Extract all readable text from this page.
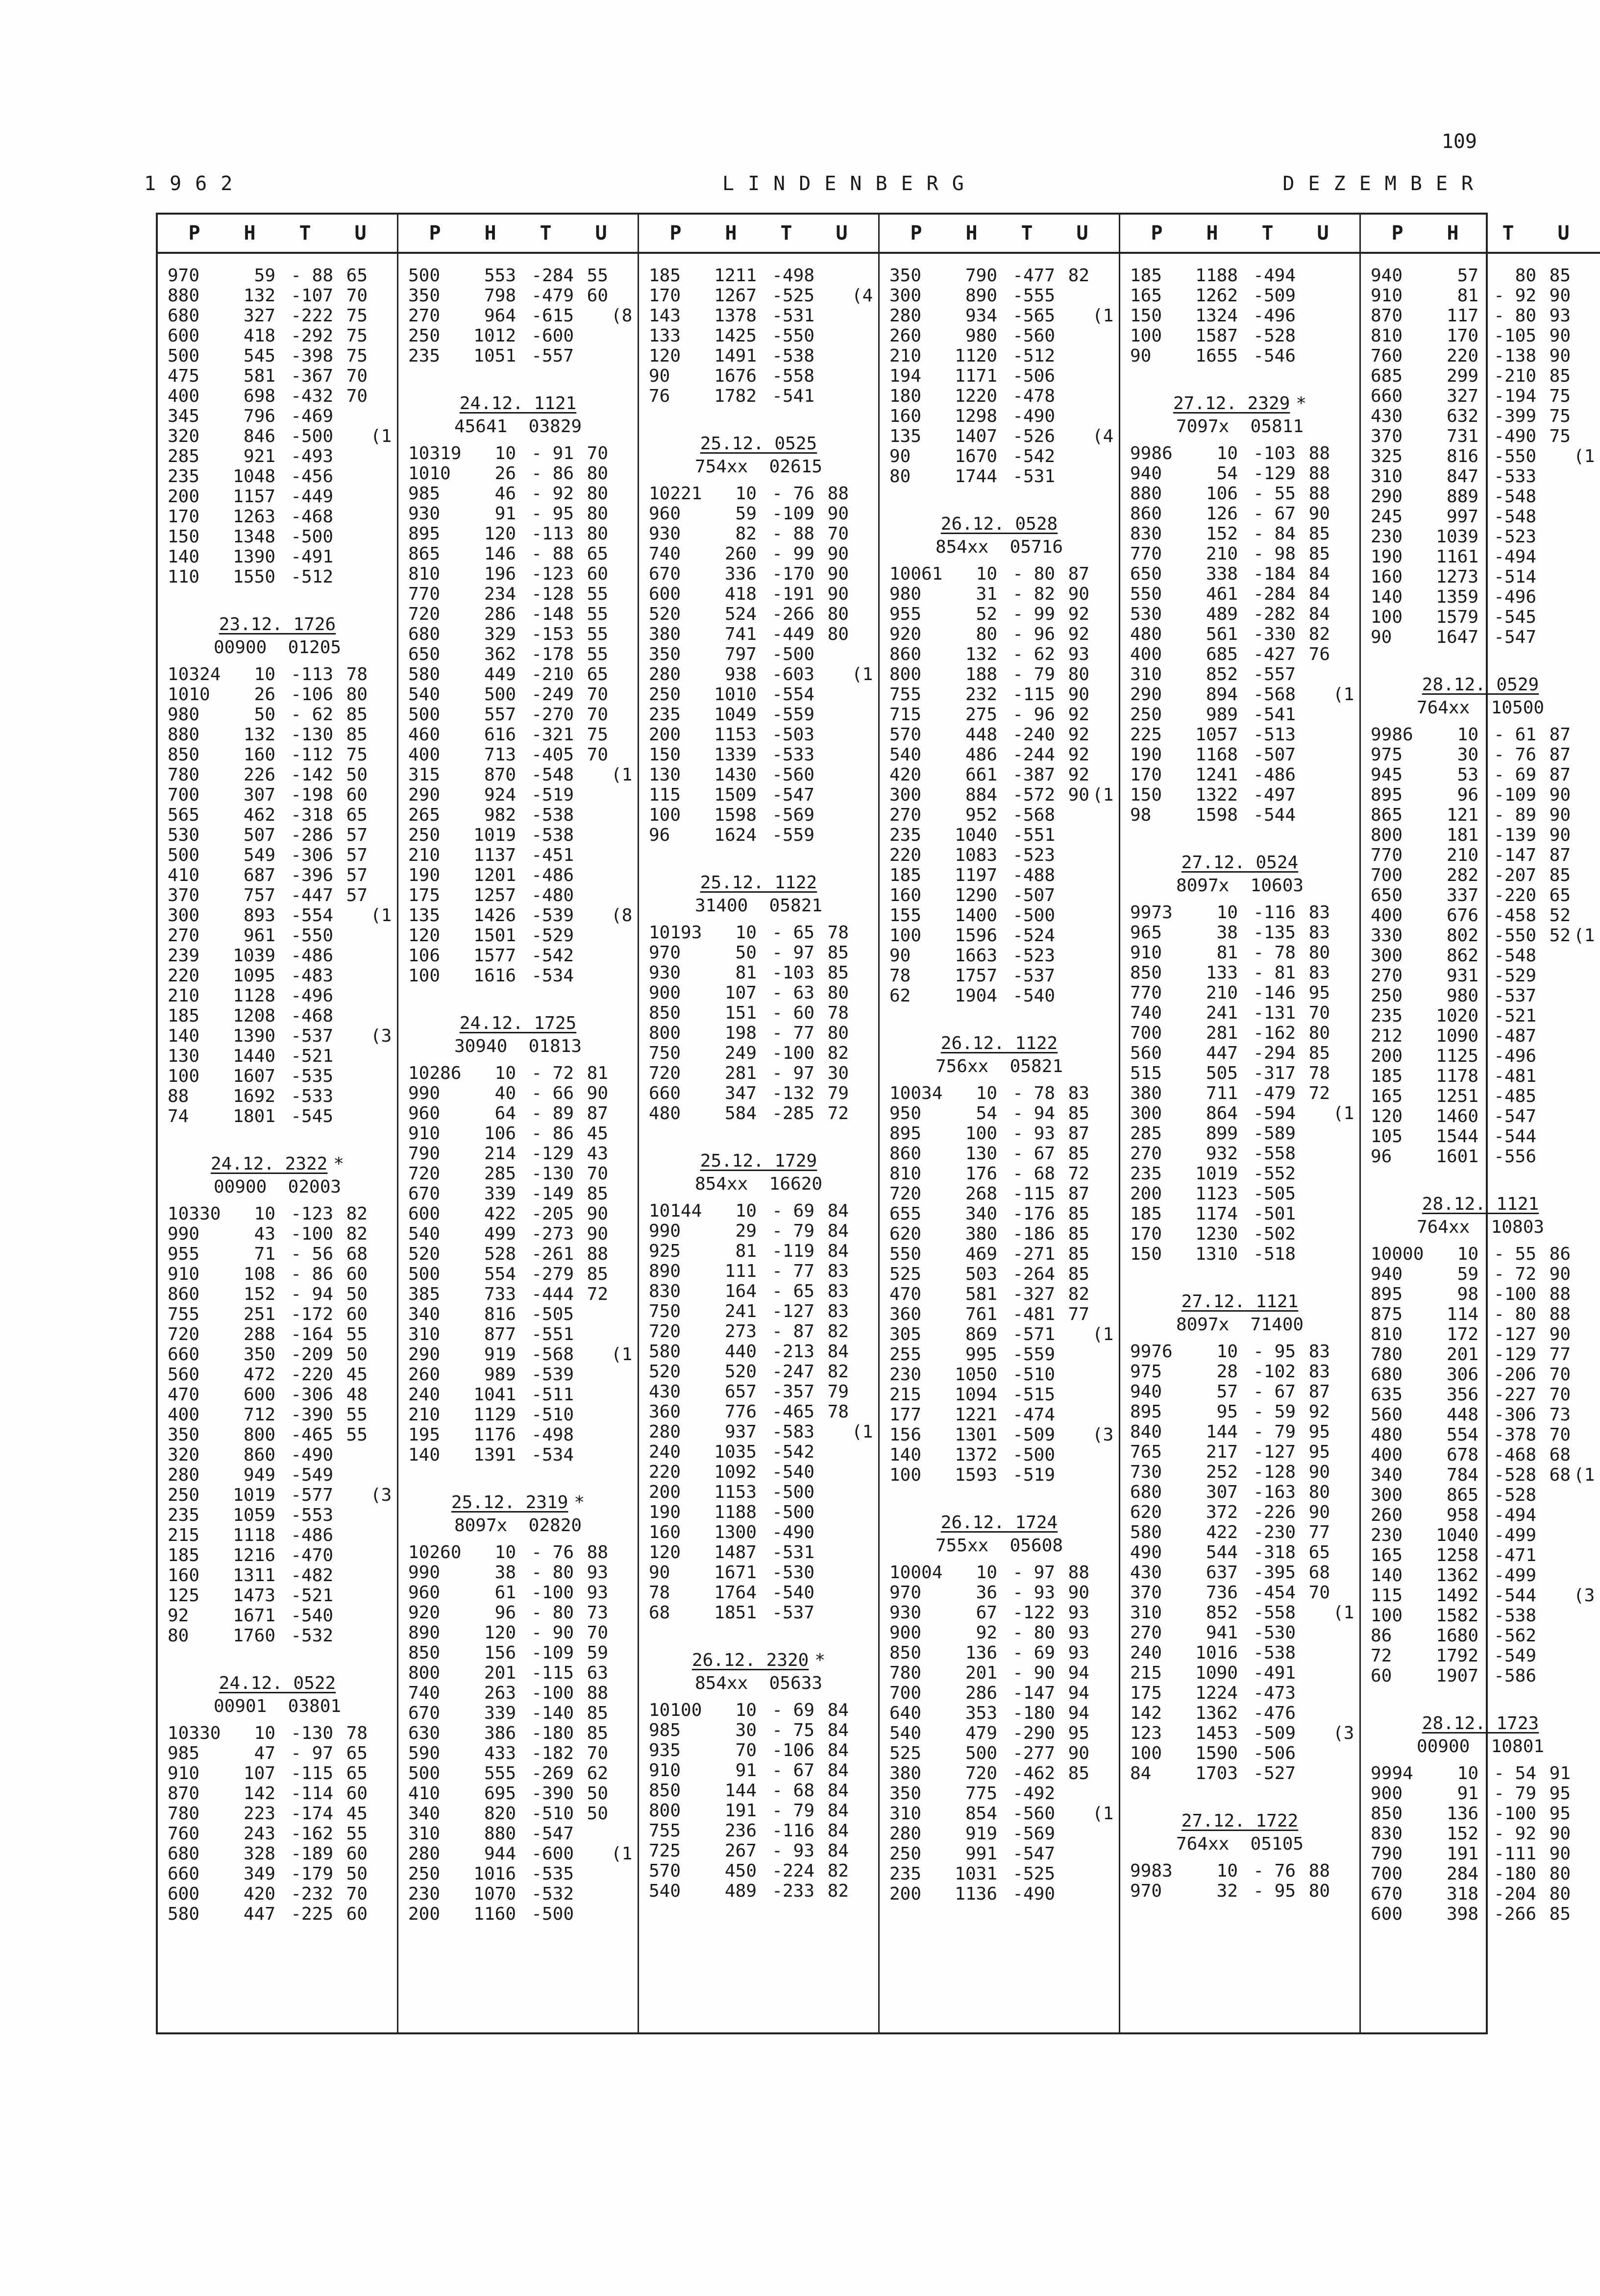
109
1962	LINDENBERG	DEZEMBER
P H T U
970	59 - 88 65
880	132 -107 70
680	327 -222 75
600	418 -292 75
500	545 -398 75
475	581 -367 70
400	698 -432 70
345	796 -469
320	846 -500 (1
285	921 -493
235	1048 -456
200	1157 -449
170	1263 -468
150	1348 -500
140	1390 -491
110	1550 -512
23.12. 1726
00900  01205
10324	10 -113 78
1010	26 -106 80
980	50 - 62 85
880	132 -130 85
850	160 -112 75
780	226 -142 50
700	307 -198 60
565	462 -318 65
530	507 -286 57
500	549 -306 57
410	687 -396 57
370	757 -447 57
300	893 -554 (1
270	961 -550
239	1039 -486
220	1095 -483
210	1128 -496
185	1208 -468
140	1390 -537 (3
130	1440 -521
100	1607 -535
88	1692 -533
74	1801 -545
24.12. 2322 *
00900  02003
10330	10 -123 82
990	43 -100 82
955	71 - 56 68
910	108 - 86 60
860	152 - 94 50
755	251 -172 60
720	288 -164 55
660	350 -209 50
560	472 -220 45
470	600 -306 48
400	712 -390 55
350	800 -465 55
320	860 -490
280	949 -549
250	1019 -577 (3
235	1059 -553
215	1118 -486
185	1216 -470
160	1311 -482
125	1473 -521
92	1671 -540
80	1760 -532
24.12. 0522
00901  03801
10330	10 -130 78
985	47 - 97 65
910	107 -115 65
870	142 -114 60
780	223 -174 45
760	243 -162 55
680	328 -189 60
660	349 -179 50
600	420 -232 70
580	447 -225 60
P H T U
500	553 -284 55
350	798 -479 60
270	964 -615 (8
250	1012 -600
235	1051 -557
24.12. 1121
45641  03829
10319	10 - 91 70
1010	26 - 86 80
985	46 - 92 80
930	91 - 95 80
895	120 -113 80
865	146 - 88 65
810	196 -123 60
770	234 -128 55
720	286 -148 55
680	329 -153 55
650	362 -178 55
580	449 -210 65
540	500 -249 70
500	557 -270 70
460	616 -321 75
400	713 -405 70
315	870 -548 (1
290	924 -519
265	982 -538
250	1019 -538
210	1137 -451
190	1201 -486
175	1257 -480
135	1426 -539 (8
120	1501 -529
106	1577 -542
100	1616 -534
24.12. 1725
30940  01813
10286	10 - 72 81
990	40 - 66 90
960	64 - 89 87
910	106 - 86 45
790	214 -129 43
720	285 -130 70
670	339 -149 85
600	422 -205 90
540	499 -273 90
520	528 -261 88
500	554 -279 85
385	733 -444 72
340	816 -505
310	877 -551
290	919 -568 (1
260	989 -539
240	1041 -511
210	1129 -510
195	1176 -498
140	1391 -534
25.12. 2319 *
8097x  02820
10260	10 - 76 88
990	38 - 80 93
960	61 -100 93
920	96 - 80 73
890	120 - 90 70
850	156 -109 59
800	201 -115 63
740	263 -100 88
670	339 -140 85
630	386 -180 85
590	433 -182 70
500	555 -269 62
410	695 -390 50
340	820 -510 50
310	880 -547
280	944 -600 (1
250	1016 -535
230	1070 -532
200	1160 -500
P H T U
185	1211 -498
170	1267 -525 (4
143	1378 -531
133	1425 -550
120	1491 -538
90	1676 -558
76	1782 -541
25.12. 0525
754xx  02615
10221	10 - 76 88
960	59 -109 90
930	82 - 88 70
740	260 - 99 90
670	336 -170 90
600	418 -191 90
520	524 -266 80
380	741 -449 80
350	797 -500
280	938 -603 (1
250	1010 -554
235	1049 -559
200	1153 -503
150	1339 -533
130	1430 -560
115	1509 -547
100	1598 -569
96	1624 -559
25.12. 1122
31400  05821
10193	10 - 65 78
970	50 - 97 85
930	81 -103 85
900	107 - 63 80
850	151 - 60 78
800	198 - 77 80
750	249 -100 82
720	281 - 97 30
660	347 -132 79
480	584 -285 72
25.12. 1729
854xx  16620
10144	10 - 69 84
990	29 - 79 84
925	81 -119 84
890	111 - 77 83
830	164 - 65 83
750	241 -127 83
720	273 - 87 82
580	440 -213 84
520	520 -247 82
430	657 -357 79
360	776 -465 78
280	937 -583 (1
240	1035 -542
220	1092 -540
200	1153 -500
190	1188 -500
160	1300 -490
120	1487 -531
90	1671 -530
78	1764 -540
68	1851 -537
26.12. 2320 *
854xx  05633
10100	10 - 69 84
985	30 - 75 84
935	70 -106 84
910	91 - 67 84
850	144 - 68 84
800	191 - 79 84
755	236 -116 84
725	267 - 93 84
570	450 -224 82
540	489 -233 82
P H T U
350	790 -477 82
300	890 -555
280	934 -565 (1
260	980 -560
210	1120 -512
194	1171 -506
180	1220 -478
160	1298 -490
135	1407 -526 (4
90	1670 -542
80	1744 -531
26.12. 0528
854xx  05716
10061	10 - 80 87
980	31 - 82 90
955	52 - 99 92
920	80 - 96 92
860	132 - 62 93
800	188 - 79 80
755	232 -115 90
715	275 - 96 92
570	448 -240 92
540	486 -244 92
420	661 -387 92
300	884 -572 90 (1
270	952 -568
235	1040 -551
220	1083 -523
185	1197 -488
160	1290 -507
155	1400 -500
100	1596 -524
90	1663 -523
78	1757 -537
62	1904 -540
26.12. 1122
756xx  05821
10034	10 - 78 83
950	54 - 94 85
895	100 - 93 87
860	130 - 67 85
810	176 - 68 72
720	268 -115 87
655	340 -176 85
620	380 -186 85
550	469 -271 85
525	503 -264 85
470	581 -327 82
360	761 -481 77
305	869 -571 (1
255	995 -559
230	1050 -510
215	1094 -515
177	1221 -474
156	1301 -509 (3
140	1372 -500
100	1593 -519
26.12. 1724
755xx  05608
10004	10 - 97 88
970	36 - 93 90
930	67 -122 93
900	92 - 80 93
850	136 - 69 93
780	201 - 90 94
700	286 -147 94
640	353 -180 94
540	479 -290 95
525	500 -277 90
380	720 -462 85
350	775 -492
310	854 -560 (1
280	919 -569
250	991 -547
235	1031 -525
200	1136 -490
P H T U
185	1188 -494
165	1262 -509
150	1324 -496
100	1587 -528
90	1655 -546
27.12. 2329 *
7097x  05811
9986	10 -103 88
940	54 -129 88
880	106 - 55 88
860	126 - 67 90
830	152 - 84 85
770	210 - 98 85
650	338 -184 84
550	461 -284 84
530	489 -282 84
480	561 -330 82
400	685 -427 76
310	852 -557
290	894 -568 (1
250	989 -541
225	1057 -513
190	1168 -507
170	1241 -486
150	1322 -497
98	1598 -544
27.12. 0524
8097x  10603
9973	10 -116 83
965	38 -135 83
910	81 - 78 80
850	133 - 81 83
770	210 -146 95
740	241 -131 70
700	281 -162 80
560	447 -294 85
515	505 -317 78
380	711 -479 72
300	864 -594 (1
285	899 -589
270	932 -558
235	1019 -552
200	1123 -505
185	1174 -501
170	1230 -502
150	1310 -518
27.12. 1121
8097x  71400
9976	10 - 95 83
975	28 -102 83
940	57 - 67 87
895	95 - 59 92
840	144 - 79 95
765	217 -127 95
730	252 -128 90
680	307 -163 80
620	372 -226 90
580	422 -230 77
490	544 -318 65
430	637 -395 68
370	736 -454 70
310	852 -558 (1
270	941 -530
240	1016 -538
215	1090 -491
175	1224 -473
142	1362 -476
123	1453 -509 (3
100	1590 -506
84	1703 -527
27.12. 1722
764xx  05105
9983	10 - 76 88
970	32 - 95 80
P H T U
940	57	80 85
910	81 - 92 90
870	117 - 80 93
810	170 -105 90
760	220 -138 90
685	299 -210 85
660	327 -194 75
430	632 -399 75
370	731 -490 75
325	816 -550 (1
310	847 -533
290	889 -548
245	997 -548
230	1039 -523
190	1161 -494
160	1273 -514
140	1359 -496
100	1579 -545
90	1647 -547
28.12. 0529
764xx  10500
9986	10 - 61 87
975	30 - 76 87
945	53 - 69 87
895	96 -109 90
865	121 - 89 90
800	181 -139 90
770	210 -147 87
700	282 -207 85
650	337 -220 65
400	676 -458 52
330	802 -550 52 (1
300	862 -548
270	931 -529
250	980 -537
235	1020 -521
212	1090 -487
200	1125 -496
185	1178 -481
165	1251 -485
120	1460 -547
105	1544 -544
96	1601 -556
28.12. 1121
764xx  10803
10000	10 - 55 86
940	59 - 72 90
895	98 -100 88
875	114 - 80 88
810	172 -127 90
780	201 -129 77
680	306 -206 70
635	356 -227 70
560	448 -306 73
480	554 -378 70
400	678 -468 68
340	784 -528 68 (1
300	865 -528
260	958 -494
230	1040 -499
165	1258 -471
140	1362 -499
115	1492 -544 (3
100	1582 -538
86	1680 -562
72	1792 -549
60	1907 -586
28.12. 1723
00900  10801
9994	10 - 54 91
900	91 - 79 95
850	136 -100 95
830	152 - 92 90
790	191 -111 90
700	284 -180 80
670	318 -204 80
600	398 -266 85
